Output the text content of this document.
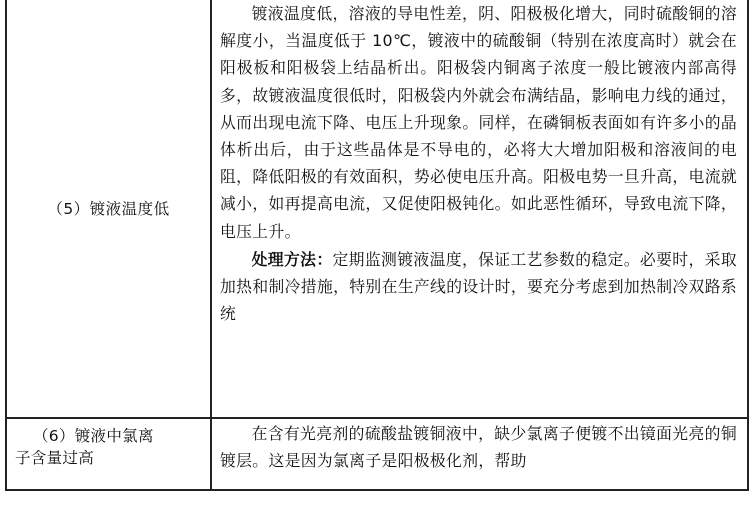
（5）镀液温度低	镀液温度低，溶液的导电性差，阴、阳极极化增大，同时硫酸铜的溶解度小，当温度低于 10℃，镀液中的硫酸铜（特别在浓度高时）就会在阳极板和阳极袋上结晶析出。阳极袋内铜离子浓度一般比镀液内部高得多，故镀液温度很低时，阳极袋内外就会布满结晶，影响电力线的通过，从而出现电流下降、电压上升现象。同样，在磷铜板表面如有许多小的晶体析出后，由于这些晶体是不导电的，必将大大增加阳极和溶液间的电阻，降低阳极的有效面积，势必使电压升高。阳极电势一旦升高，电流就减小，如再提高电流，又促使阳极钝化。如此恶性循环，导致电流下降，电压上升。

处理方法：定期监测镀液温度，保证工艺参数的稳定。必要时，采取加热和制冷措施，特别在生产线的设计时，要充分考虑到加热制冷双路系统

（6）镀液中氯离
子含量过高	在含有光亮剂的硫酸盐镀铜液中，缺少氯离子便镀不出镜面光亮的铜镀层。这是因为氯离子是阳极极化剂，帮助
